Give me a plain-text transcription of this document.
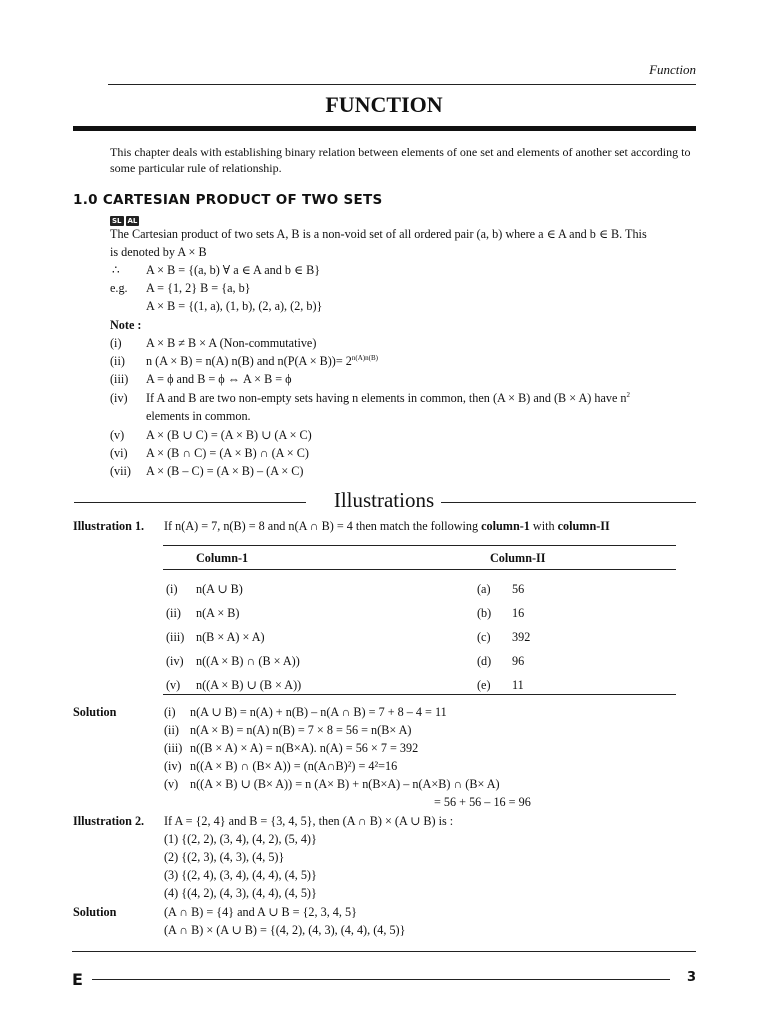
Function
FUNCTION
This chapter deals with establishing binary relation between elements of one set and elements of another set according to some particular rule of relationship.
1.0 CARTESIAN PRODUCT OF TWO SETS
SL AL
The Cartesian product of two sets A, B is a non-void set of all ordered pair (a, b) where a ∈ A and b ∈ B. This
is denoted by A × B
∴ A × B = {(a, b) ∀ a ∈ A and b ∈ B}
e.g. A = {1, 2} B = {a, b}
A × B = {(1, a), (1, b), (2, a), (2, b)}
Note :
(i) A × B ≠ B × A (Non-commutative)
(ii) n (A × B) = n(A) n(B) and $n(P(A \times B))= 2^{n(A)n(B)}$
(iii) A = ϕ and B = ϕ ⇔ A × B = ϕ
(iv) If A and B are two non-empty sets having n elements in common, then (A × B) and (B × A) have $n^2$
elements in common.
(v) A × (B ∪ C) = (A × B) ∪ (A × C)
(vi) A × (B ∩ C) = (A × B) ∩ (A × C)
(vii) A × (B – C) = (A × B) – (A × C)
Illustrations
Illustration 1. If n(A) = 7, n(B) = 8 and n(A ∩ B) = 4 then match the following column-1 with column-II
Column-1	Column-II
(i) n(A ∪ B)	(a) 56
(ii) n(A × B)	(b) 16
(iii) n(B × A) × A)	(c) 392
(iv) n((A × B) ∩ (B × A))	(d) 96
(v) n((A × B) ∪ (B × A))	(e) 11
Solution	(i) n(A ∪ B) = n(A) + n(B) – n(A ∩ B) = 7 + 8 – 4 = 11
(ii) n(A × B) = n(A) n(B) = 7 × 8 = 56 = n(B× A)
(iii) n((B × A) × A) = n(B×A). n(A) = 56 × 7 = 392
(iv) n((A × B) ∩ (B× A)) = (n(A∩B)²) = 4²=16
(v) n((A × B) ∪ (B× A)) = n (A× B) + n(B×A) – n(A×B) ∩ (B× A)
= 56 + 56 – 16 = 96
Illustration 2. If A = {2, 4} and B = {3, 4, 5}, then (A ∩ B) × (A ∪ B) is :
(1) {(2, 2), (3, 4), (4, 2), (5, 4)}
(2) {(2, 3), (4, 3), (4, 5)}
(3) {(2, 4), (3, 4), (4, 4), (4, 5)}
(4) {(4, 2), (4, 3), (4, 4), (4, 5)}
Solution	(A ∩ B) = {4} and A ∪ B = {2, 3, 4, 5}
(A ∩ B) × (A ∪ B) = {(4, 2), (4, 3), (4, 4), (4, 5)}
E	3
